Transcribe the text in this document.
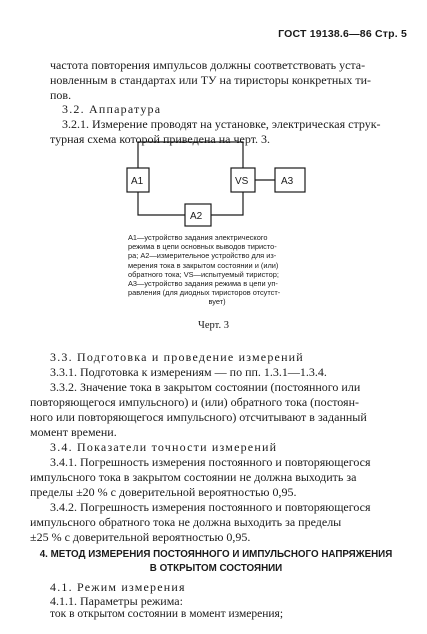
ГОСТ 19138.6—86 Стр. 5

частота повторения импульсов должны соответствовать уста-

новленным в стандартах или ТУ на тиристоры конкретных ти-

пов.

3.2. Аппаратура

3.2.1. Измерение проводят на установке, электрическая струк-

турная схема которой приведена на черт. 3.

A1	VS	A3
A2

A1—устройство задания электрического

режима в цепи основных выводов тиристо-

ра; A2—измерительное устройство для из-

мерения тока в закрытом состоянии и (или)

обратного тока; VS—испытуемый тиристор;

A3—устройство задания режима в цепи уп-

равления (для диодных тиристоров отсутст-

вует)

Черт. 3

3.3. Подготовка и проведение измерений

3.3.1. Подготовка к измерениям — по пп. 1.3.1—1.3.4.

3.3.2. Значение тока в закрытом состоянии (постоянного или

повторяющегося импульсного) и (или) обратного тока (постоян-

ного или повторяющегося импульсного) отсчитывают в заданный

момент времени.

3.4. Показатели точности измерений

3.4.1. Погрешность измерения постоянного и повторяющегося

импульсного тока в закрытом состоянии не должна выходить за

пределы ±20 % с доверительной вероятностью 0,95.

3.4.2. Погрешность измерения постоянного и повторяющегося

импульсного обратного тока не должна выходить за пределы

±25 % с доверительной вероятностью 0,95.

4. МЕТОД ИЗМЕРЕНИЯ ПОСТОЯННОГО И ИМПУЛЬСНОГО НАПРЯЖЕНИЯ
В ОТКРЫТОМ СОСТОЯНИИ

4.1. Режим измерения

4.1.1. Параметры режима:

ток в открытом состоянии в момент измерения;
